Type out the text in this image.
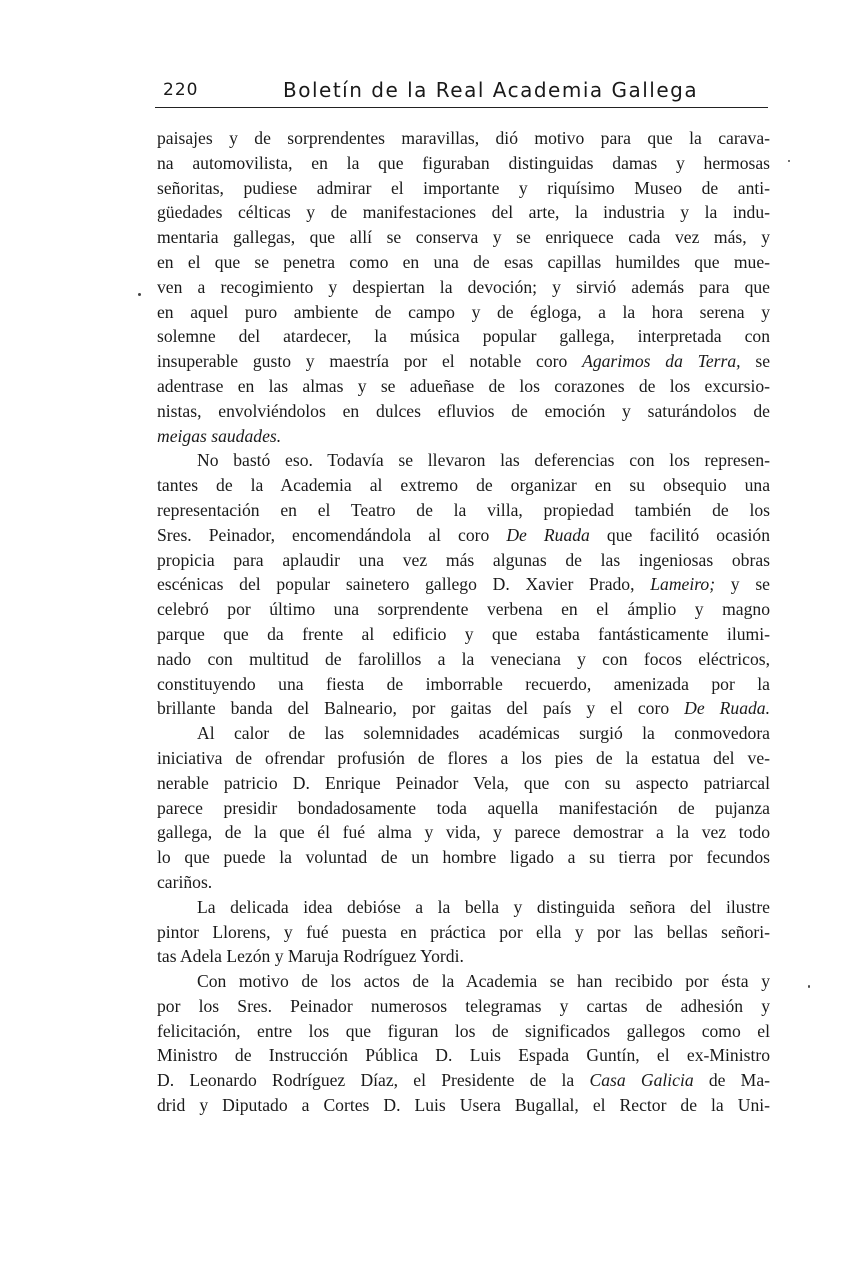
220	Boletín de la Real Academia Gallega
paisajes y de sorprendentes maravillas, dió motivo para que la carava-
na automovilista, en la que figuraban distinguidas damas y hermosas
señoritas, pudiese admirar el importante y riquísimo Museo de anti-
güedades célticas y de manifestaciones del arte, la industria y la indu-
mentaria gallegas, que allí se conserva y se enriquece cada vez más, y
en el que se penetra como en una de esas capillas humildes que mue-
ven a recogimiento y despiertan la devoción; y sirvió además para que
en aquel puro ambiente de campo y de égloga, a la hora serena y
solemne del atardecer, la música popular gallega, interpretada con
insuperable gusto y maestría por el notable coro Agarimos da Terra, se
adentrase en las almas y se adueñase de los corazones de los excursio-
nistas, envolviéndolos en dulces efluvios de emoción y saturándolos de
meigas saudades.
No bastó eso. Todavía se llevaron las deferencias con los represen-
tantes de la Academia al extremo de organizar en su obsequio una
representación en el Teatro de la villa, propiedad también de los
Sres. Peinador, encomendándola al coro De Ruada que facilitó ocasión
propicia para aplaudir una vez más algunas de las ingeniosas obras
escénicas del popular sainetero gallego D. Xavier Prado, Lameiro; y se
celebró por último una sorprendente verbena en el ámplio y magno
parque que da frente al edificio y que estaba fantásticamente ilumi-
nado con multitud de farolillos a la veneciana y con focos eléctricos,
constituyendo una fiesta de imborrable recuerdo, amenizada por la
brillante banda del Balneario, por gaitas del país y el coro De Ruada.
Al calor de las solemnidades académicas surgió la conmovedora
iniciativa de ofrendar profusión de flores a los pies de la estatua del ve-
nerable patricio D. Enrique Peinador Vela, que con su aspecto patriarcal
parece presidir bondadosamente toda aquella manifestación de pujanza
gallega, de la que él fué alma y vida, y parece demostrar a la vez todo
lo que puede la voluntad de un hombre ligado a su tierra por fecundos
cariños.
La delicada idea debióse a la bella y distinguida señora del ilustre
pintor Llorens, y fué puesta en práctica por ella y por las bellas señori-
tas Adela Lezón y Maruja Rodríguez Yordi.
Con motivo de los actos de la Academia se han recibido por ésta y
por los Sres. Peinador numerosos telegramas y cartas de adhesión y
felicitación, entre los que figuran los de significados gallegos como el
Ministro de Instrucción Pública D. Luis Espada Guntín, el ex-Ministro
D. Leonardo Rodríguez Díaz, el Presidente de la Casa Galicia de Ma-
drid y Diputado a Cortes D. Luis Usera Bugallal, el Rector de la Uni-
